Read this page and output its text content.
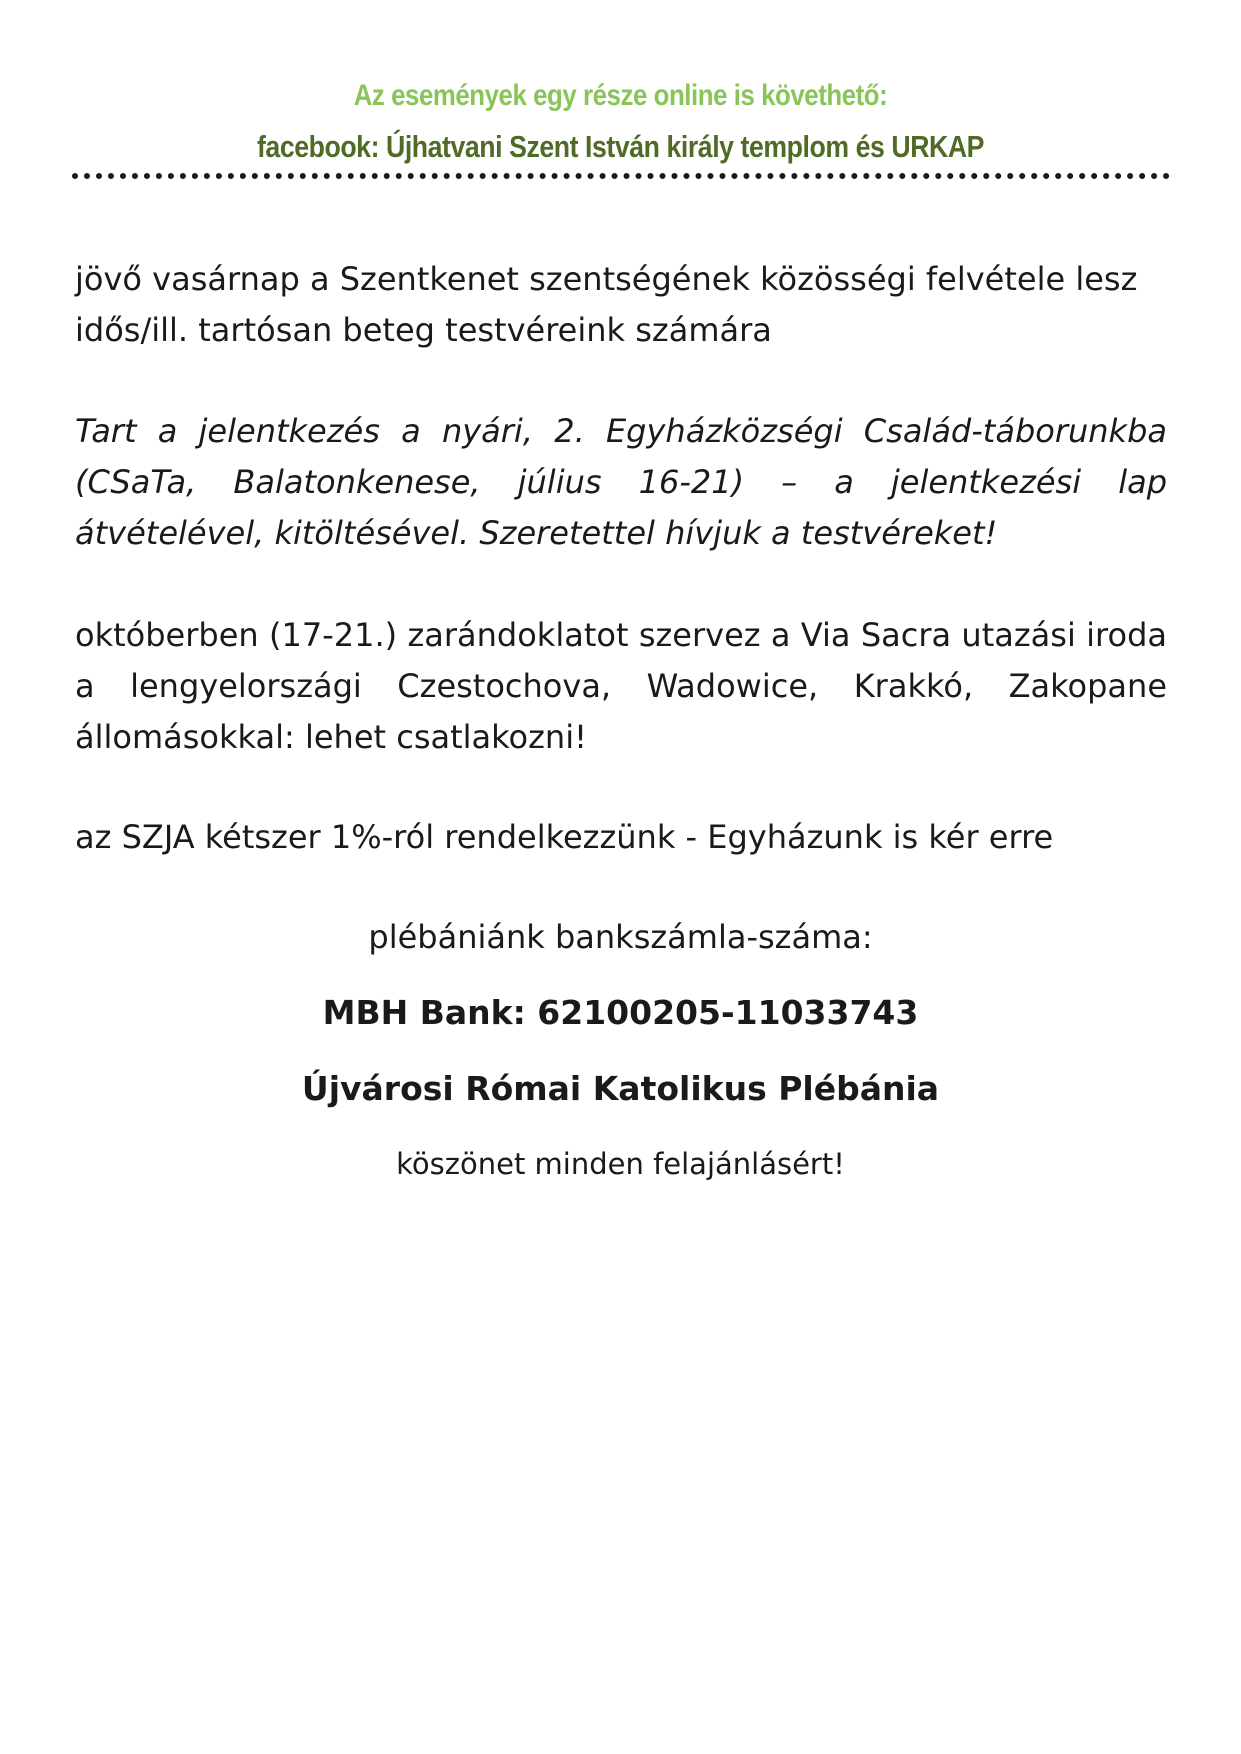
Az események egy része online is követhető:
facebook: Újhatvani Szent István király templom és URKAP
jövő vasárnap a Szentkenet szentségének közösségi felvétele lesz idős/ill. tartósan beteg testvéreink számára
Tart a jelentkezés a nyári, 2. Egyházközségi Család-táborunkba (CSaTa, Balatonkenese, július 16-21) – a jelentkezési lap átvételével, kitöltésével. Szeretettel hívjuk a testvéreket!
októberben (17-21.) zarándoklatot szervez a Via Sacra utazási iroda a lengyelországi Czestochova, Wadowice, Krakkó, Zakopane állomásokkal: lehet csatlakozni!
az SZJA kétszer 1%-ról rendelkezzünk - Egyházunk is kér erre
plébániánk bankszámla-száma:
MBH Bank: 62100205-11033743
Újvárosi Római Katolikus Plébánia
köszönet minden felajánlásért!
